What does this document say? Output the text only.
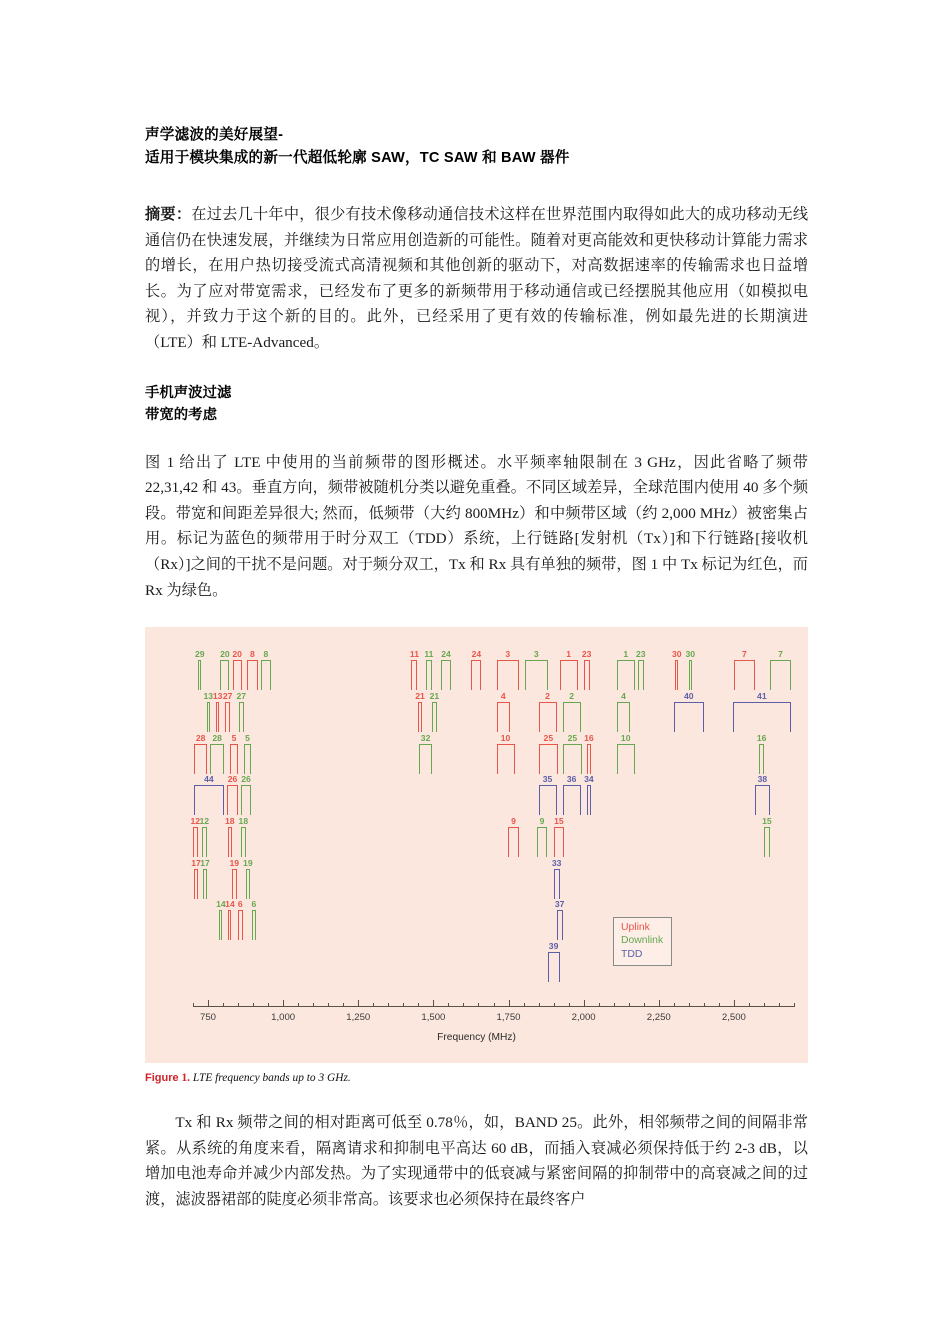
声学滤波的美好展望-
适用于模块集成的新一代超低轮廓 SAW，TC SAW 和 BAW 器件

摘要：在过去几十年中，很少有技术像移动通信技术这样在世界范围内取得如此大的成功移动无线通信仍在快速发展，并继续为日常应用创造新的可能性。随着对更高能效和更快移动计算能力需求的增长，在用户热切接受流式高清视频和其他创新的驱动下，对高数据速率的传输需求也日益增长。为了应对带宽需求，已经发布了更多的新频带用于移动通信或已经摆脱其他应用（如模拟电视），并致力于这个新的目的。此外，已经采用了更有效的传输标准，例如最先进的长期演进（LTE）和 LTE-Advanced。

手机声波过滤
带宽的考虑

图 1 给出了 LTE 中使用的当前频带的图形概述。水平频率轴限制在 3 GHz，因此省略了频带 22,31,42 和 43。垂直方向，频带被随机分类以避免重叠。不同区域差异，全球范围内使用 40 多个频段。带宽和间距差异很大; 然而，低频带（大约 800MHz）和中频带区域（约 2,000 MHz）被密集占用。标记为蓝色的频带用于时分双工（TDD）系统，上行链路[发射机（Tx）]和下行链路[接收机（Rx）]之间的干扰不是问题。对于频分双工，Tx 和 Rx 具有单独的频带，图 1 中 Tx 标记为红色，而 Rx 为绿色。

29 20 20 8 8	11 11 24 24	3	3	1 23	1 23	30 30	7	7
13 13 27 27	21 21	4	2 2	4	40	41
28 28 5 5	32	10	25 25 16	10	16
44 26 26	35 36 34	38
12 12 18 18	9	9 15	15
17 17 19 19	33
14 14 6 6	37
39
750	1,000	1,250	1,500	1,750	2,000	2,250	2,500
Frequency (MHz)
Uplink
Downlink
TDD
Figure 1. LTE frequency bands up to 3 GHz.

Tx 和 Rx 频带之间的相对距离可低至 0.78％，如，BAND 25。此外，相邻频带之间的间隔非常紧。从系统的角度来看，隔离请求和抑制电平高达 60 dB，而插入衰减必须保持低于约 2-3 dB，以增加电池寿命并减少内部发热。为了实现通带中的低衰减与紧密间隔的抑制带中的高衰减之间的过渡，滤波器裙部的陡度必须非常高。该要求也必须保持在最终客户
